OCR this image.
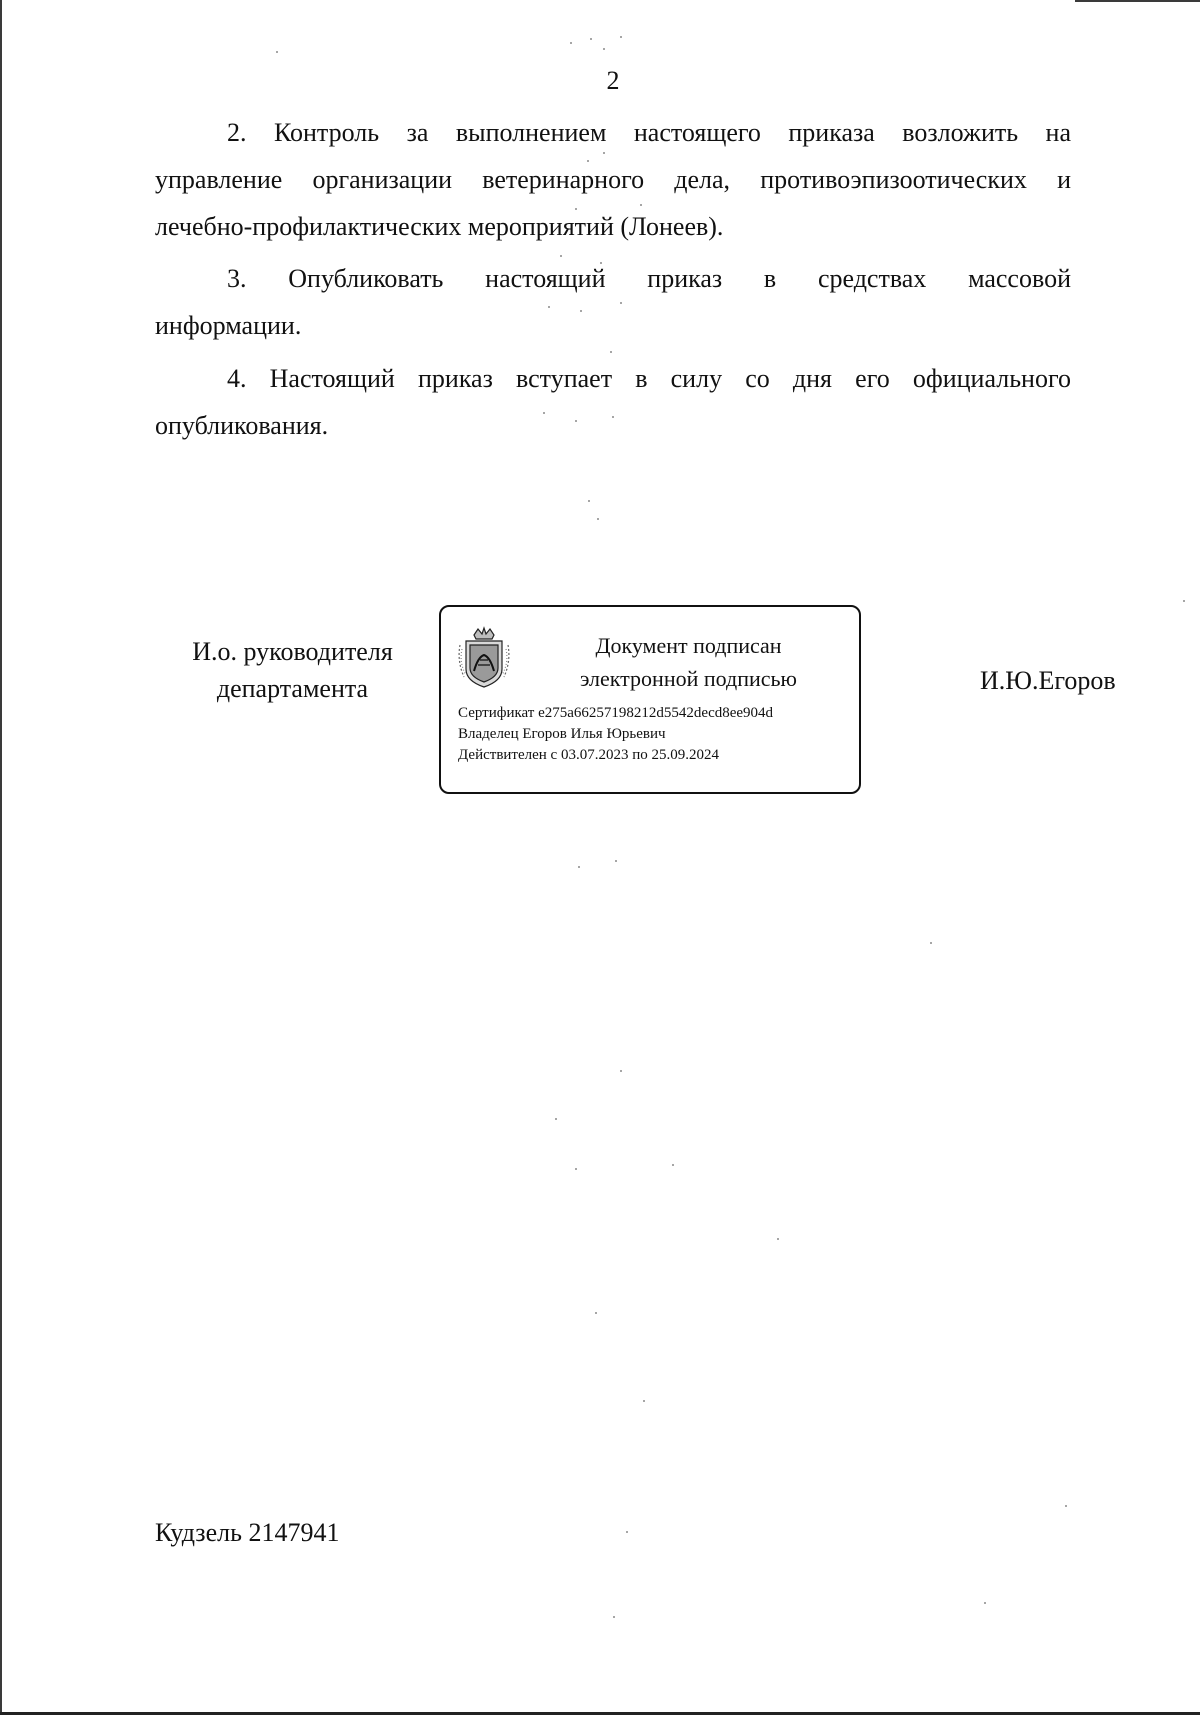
2
2. Контроль за выполнением настоящего приказа возложить на
управление организации ветеринарного дела, противоэпизоотических и
лечебно-профилактических мероприятий (Лонеев).
3. Опубликовать настоящий приказ в средствах массовой
информации.
4. Настоящий приказ вступает в силу со дня его официального
опубликования.
И.о. руководителя
департамента
Документ подписан
электронной подписью
Сертификат e275a66257198212d5542decd8ee904d
Владелец Егоров Илья Юрьевич
Действителен с 03.07.2023 по 25.09.2024
И.Ю.Егоров
Кудзель 2147941
